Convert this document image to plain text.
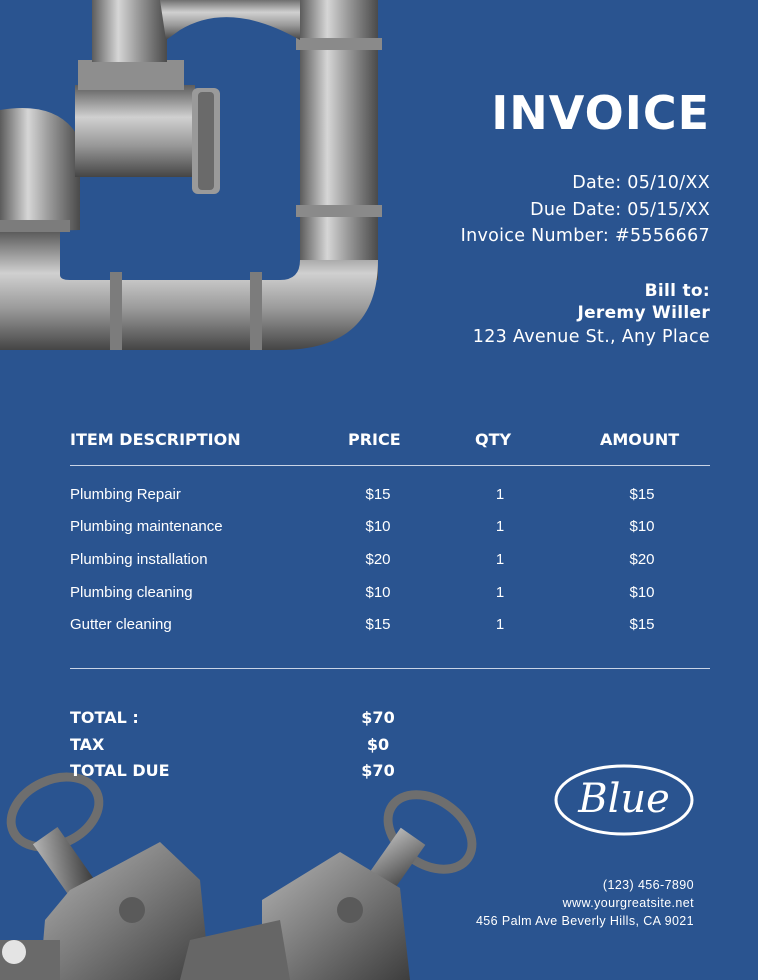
INVOICE
Date: 05/10/XX
Due Date: 05/15/XX
Invoice Number: #5556667
Bill to:
Jeremy Willer
123 Avenue St., Any Place
ITEM DESCRIPTION	PRICE	QTY	AMOUNT
Plumbing Repair	$15	1	$15
Plumbing maintenance	$10	1	$10
Plumbing installation	$20	1	$20
Plumbing cleaning	$10	1	$10
Gutter cleaning	$15	1	$15
TOTAL :	$70
TAX	$0
TOTAL DUE	$70
Blue
(123) 456-7890
www.yourgreatsite.net
456 Palm Ave Beverly Hills, CA 9021
